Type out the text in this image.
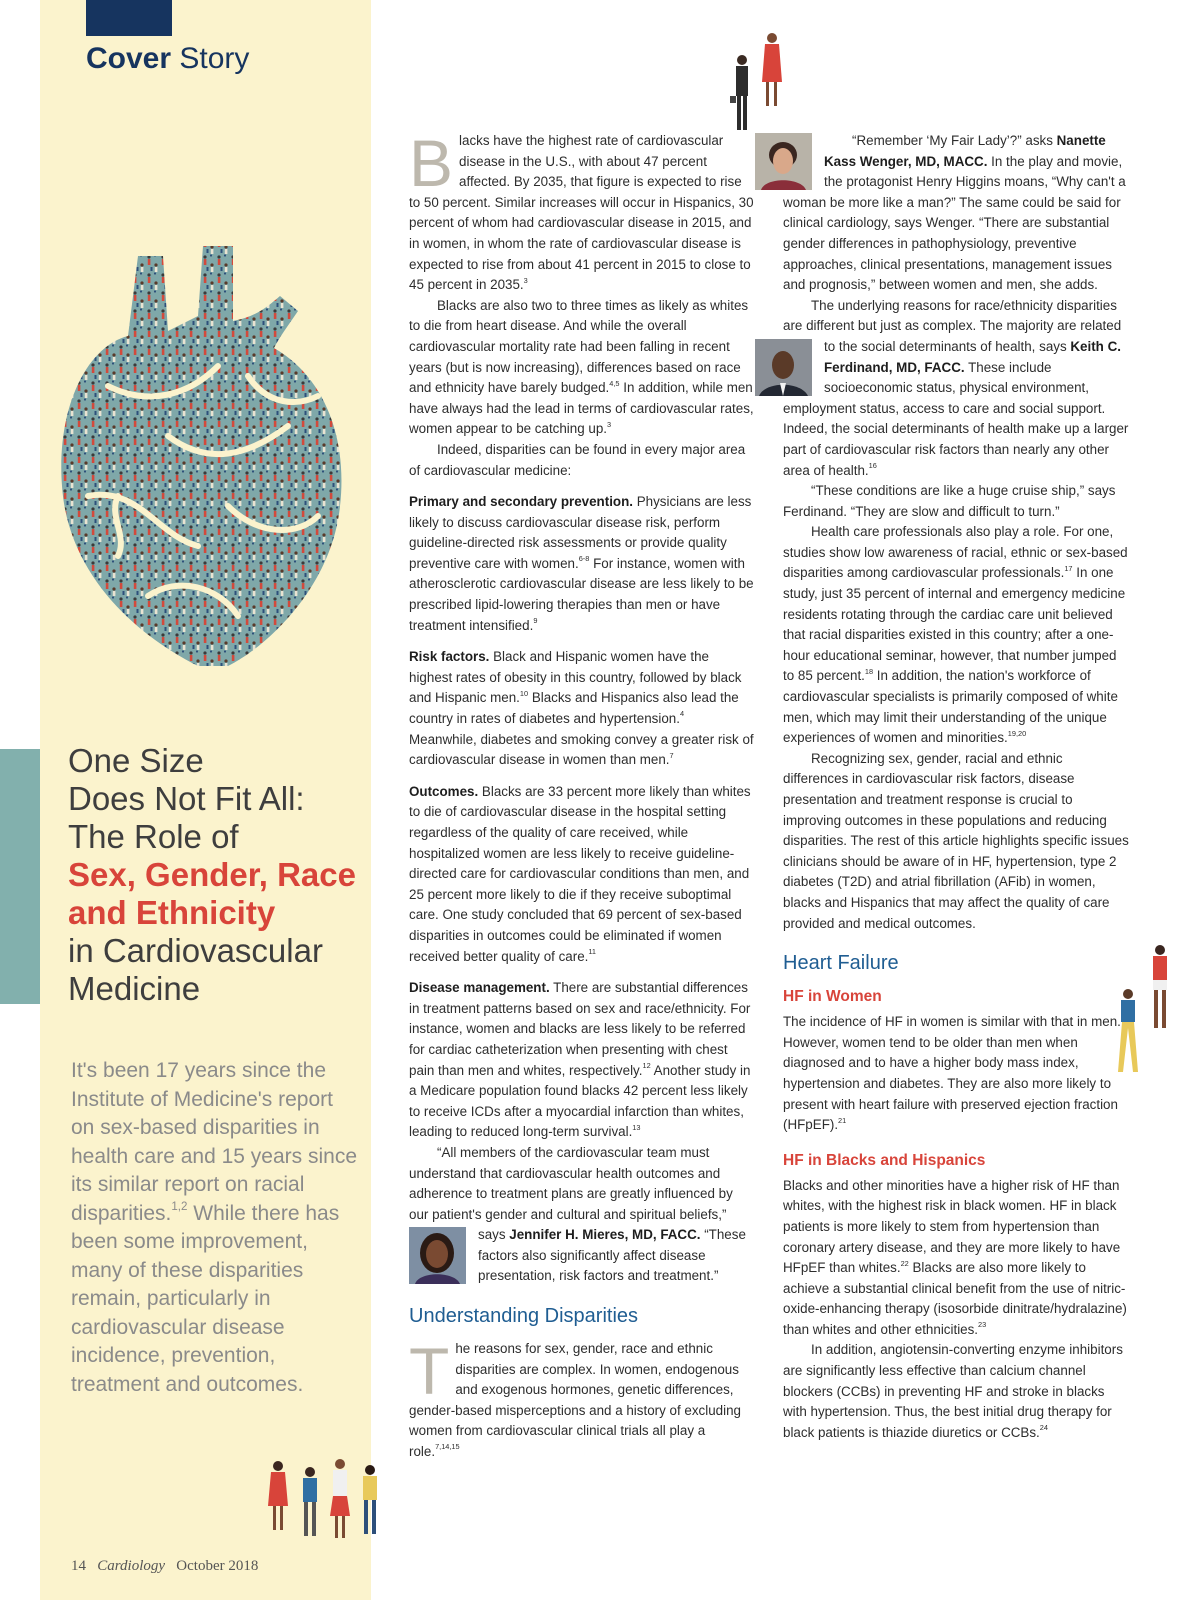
Cover Story
One Size
Does Not Fit All:
The Role of
Sex, Gender, Race
and Ethnicity
in Cardiovascular
Medicine
It's been 17 years since the Institute of Medicine's report on sex-based disparities in health care and 15 years since its similar report on racial disparities.$^{1,2}$ While there has been some improvement, many of these disparities remain, particularly in cardiovascular disease incidence, prevention, treatment and outcomes.
14 Cardiology October 2018

Blacks have the highest rate of cardiovascular disease in the U.S., with about 47 percent affected. By 2035, that figure is expected to rise to 50 percent. Similar increases will occur in Hispanics, 30 percent of whom had cardiovascular disease in 2015, and in women, in whom the rate of cardiovascular disease is expected to rise from about 41 percent in 2015 to close to 45 percent in 2035.$^3$

Blacks are also two to three times as likely as whites to die from heart disease. And while the overall cardiovascular mortality rate had been falling in recent years (but is now increasing), differences based on race and ethnicity have barely budged.$^{4,5}$ In addition, while men have always had the lead in terms of cardiovascular rates, women appear to be catching up.$^3$

Indeed, disparities can be found in every major area of cardiovascular medicine:

Primary and secondary prevention. Physicians are less likely to discuss cardiovascular disease risk, perform guideline-directed risk assessments or provide quality preventive care with women.$^{6-8}$ For instance, women with atherosclerotic cardiovascular disease are less likely to be prescribed lipid-lowering therapies than men or have treatment intensified.$^9$

Risk factors. Black and Hispanic women have the highest rates of obesity in this country, followed by black and Hispanic men.$^{10}$ Blacks and Hispanics also lead the country in rates of diabetes and hypertension.$^4$ Meanwhile, diabetes and smoking convey a greater risk of cardiovascular disease in women than men.$^7$

Outcomes. Blacks are 33 percent more likely than whites to die of cardiovascular disease in the hospital setting regardless of the quality of care received, while hospitalized women are less likely to receive guideline-directed care for cardiovascular conditions than men, and 25 percent more likely to die if they receive suboptimal care. One study concluded that 69 percent of sex-based disparities in outcomes could be eliminated if women received better quality of care.$^{11}$

Disease management. There are substantial differences in treatment patterns based on sex and race/ethnicity. For instance, women and blacks are less likely to be referred for cardiac catheterization when presenting with chest pain than men and whites, respectively.$^{12}$ Another study in a Medicare population found blacks 42 percent less likely to receive ICDs after a myocardial infarction than whites, leading to reduced long-term survival.$^{13}$

“All members of the cardiovascular team must understand that cardiovascular health outcomes and adherence to treatment plans are greatly influenced by our patient's gender and cultural and spiritual beliefs,” says
Jennifer H. Mieres, MD, FACC. “These factors also significantly affect disease presentation, risk factors and treatment.”

Understanding Disparities

The reasons for sex, gender, race and ethnic disparities are complex. In women, endogenous and exogenous hormones, genetic differences, gender-based misperceptions and a history of excluding women from cardiovascular clinical trials all play a role.$^{7,14,15}$

“Remember ‘My Fair Lady’?” asks
Nanette Kass Wenger, MD, MACC. In the play and movie, the protagonist Henry Higgins moans, “Why can't a woman be more like a man?” The same could be said for clinical cardiology, says Wenger. “There are substantial gender differences in pathophysiology, preventive approaches, clinical presentations, management issues and prognosis,” between women and men, she adds.

The underlying reasons for race/ethnicity disparities are different but just as complex. The majority are related to the social determinants of health, says
Keith C. Ferdinand, MD, FACC. These include socioeconomic status, physical environment, employment status, access to care and social support. Indeed, the social determinants of health make up a larger part of cardiovascular risk factors than nearly any other area of health.$^{16}$

“These conditions are like a huge cruise ship,” says Ferdinand. “They are slow and difficult to turn.”

Health care professionals also play a role. For one, studies show low awareness of racial, ethnic or sex-based disparities among cardiovascular professionals.$^{17}$ In one study, just 35 percent of internal and emergency medicine residents rotating through the cardiac care unit believed that racial disparities existed in this country; after a one-hour educational seminar, however, that number jumped to 85 percent.$^{18}$ In addition, the nation's workforce of cardiovascular specialists is primarily composed of white men, which may limit their understanding of the unique experiences of women and minorities.$^{19,20}$

Recognizing sex, gender, racial and ethnic differences in cardiovascular risk factors, disease presentation and treatment response is crucial to improving outcomes in these populations and reducing disparities. The rest of this article highlights specific issues clinicians should be aware of in HF, hypertension, type 2 diabetes (T2D) and atrial fibrillation (AFib) in women, blacks and Hispanics that may affect the quality of care provided and medical outcomes.

Heart Failure
HF in Women

The incidence of HF in women is similar with that in men. However, women tend to be older than men when diagnosed and to have a higher body mass index, hypertension and diabetes. They are also more likely to present with heart failure with preserved ejection fraction (HFpEF).$^{21}$

HF in Blacks and Hispanics

Blacks and other minorities have a higher risk of HF than whites, with the highest risk in black women. HF in black patients is more likely to stem from hypertension than coronary artery disease, and they are more likely to have HFpEF than whites.$^{22}$ Blacks are also more likely to achieve a substantial clinical benefit from the use of nitric-oxide-enhancing therapy (isosorbide dinitrate/hydralazine) than whites and other ethnicities.$^{23}$

In addition, angiotensin-converting enzyme inhibitors are significantly less effective than calcium channel blockers (CCBs) in preventing HF and stroke in blacks with hypertension. Thus, the best initial drug therapy for black patients is thiazide diuretics or CCBs.$^{24}$
